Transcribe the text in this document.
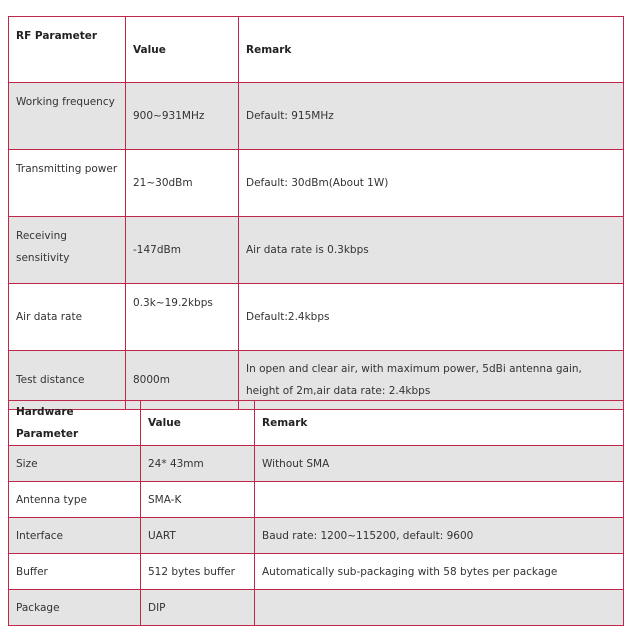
RF Parameter	Value	Remark
Working frequency	900~931MHz	Default: 915MHz
Transmitting power	21~30dBm	Default: 30dBm(About 1W)
Receiving sensitivity	-147dBm	Air data rate is 0.3kbps
Air data rate	0.3k~19.2kbps	Default:2.4kbps
Test distance	8000m	In open and clear air, with maximum power, 5dBi antenna gain, height of 2m,air data rate: 2.4kbps
Hardware Parameter	Value	Remark
Size	24* 43mm	Without SMA
Antenna type	SMA-K	
Interface	UART	Baud rate: 1200~115200, default: 9600
Buffer	512 bytes buffer	Automatically sub-packaging with 58 bytes per package
Package	DIP	
